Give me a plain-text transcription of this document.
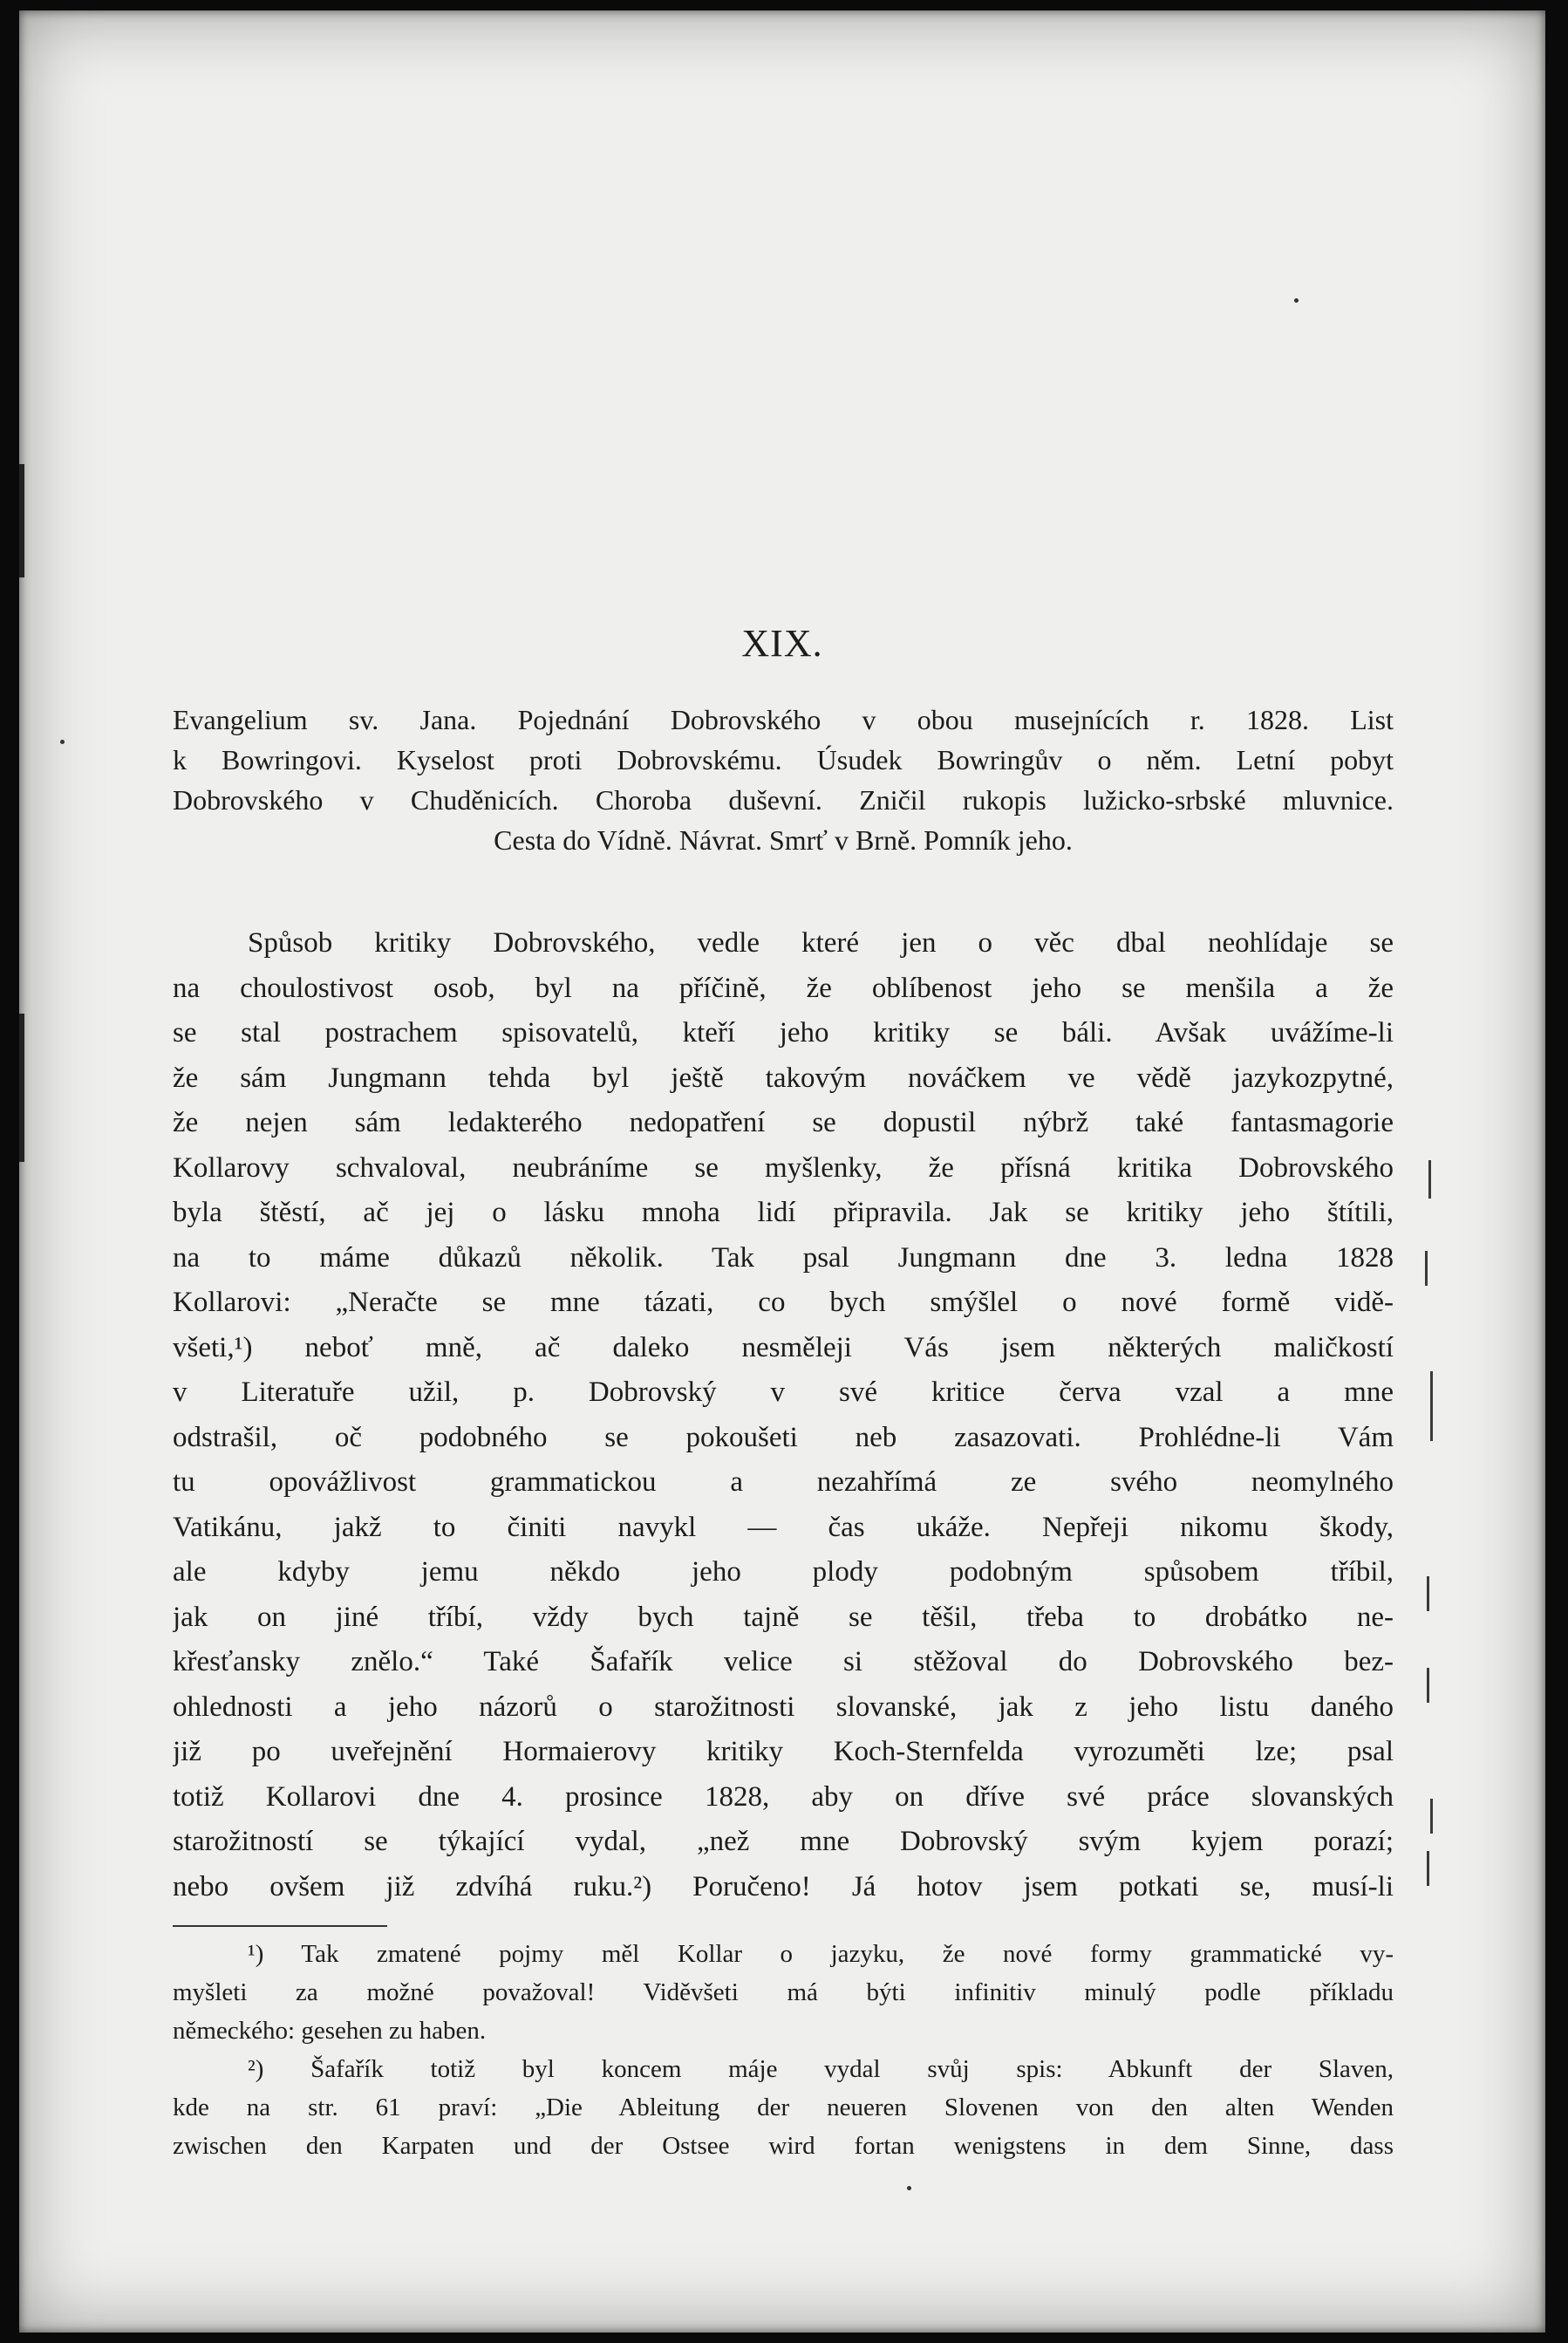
XIX.
Evangelium sv. Jana. Pojednání Dobrovského v obou musejnících r. 1828. List
k Bowringovi. Kyselost proti Dobrovskému. Úsudek Bowringův o něm. Letní pobyt
Dobrovského v Chuděnicích. Choroba duševní. Zničil rukopis lužicko-srbské mluvnice.
Cesta do Vídně. Návrat. Smrť v Brně. Pomník jeho.
Spůsob kritiky Dobrovského, vedle které jen o věc dbal neohlídaje se
na choulostivost osob, byl na příčině, že oblíbenost jeho se menšila a že
se stal postrachem spisovatelů, kteří jeho kritiky se báli. Avšak uvážíme-li
že sám Jungmann tehda byl ještě takovým nováčkem ve vědě jazykozpytné,
že nejen sám ledakterého nedopatření se dopustil nýbrž také fantasmagorie
Kollarovy schvaloval, neubráníme se myšlenky, že přísná kritika Dobrovského
byla štěstí, ač jej o lásku mnoha lidí připravila. Jak se kritiky jeho štítili,
na to máme důkazů několik. Tak psal Jungmann dne 3. ledna 1828
Kollarovi: „Neračte se mne tázati, co bych smýšlel o nové formě vidě-
všeti,¹) neboť mně, ač daleko nesměleji Vás jsem některých maličkostí
v Literatuře užil, p. Dobrovský v své kritice červa vzal a mne
odstrašil, oč podobného se pokoušeti neb zasazovati. Prohlédne-li Vám
tu opovážlivost grammatickou a nezahřímá ze svého neomylného
Vatikánu, jakž to činiti navykl — čas ukáže. Nepřeji nikomu škody,
ale kdyby jemu někdo jeho plody podobným spůsobem tříbil,
jak on jiné tříbí, vždy bych tajně se těšil, třeba to drobátko ne-
křesťansky znělo.“ Také Šafařík velice si stěžoval do Dobrovského bez-
ohlednosti a jeho názorů o starožitnosti slovanské, jak z jeho listu daného
již po uveřejnění Hormaierovy kritiky Koch-Sternfelda vyrozuměti lze; psal
totiž Kollarovi dne 4. prosince 1828, aby on dříve své práce slovanských
starožitností se týkající vydal, „než mne Dobrovský svým kyjem porazí;
nebo ovšem již zdvíhá ruku.²) Poručeno! Já hotov jsem potkati se, musí-li
¹) Tak zmatené pojmy měl Kollar o jazyku, že nové formy grammatické vy-
myšleti za možné považoval! Viděvšeti má býti infinitiv minulý podle příkladu
německého: gesehen zu haben.
²) Šafařík totiž byl koncem máje vydal svůj spis: Abkunft der Slaven,
kde na str. 61 praví: „Die Ableitung der neueren Slovenen von den alten Wenden
zwischen den Karpaten und der Ostsee wird fortan wenigstens in dem Sinne, dass
